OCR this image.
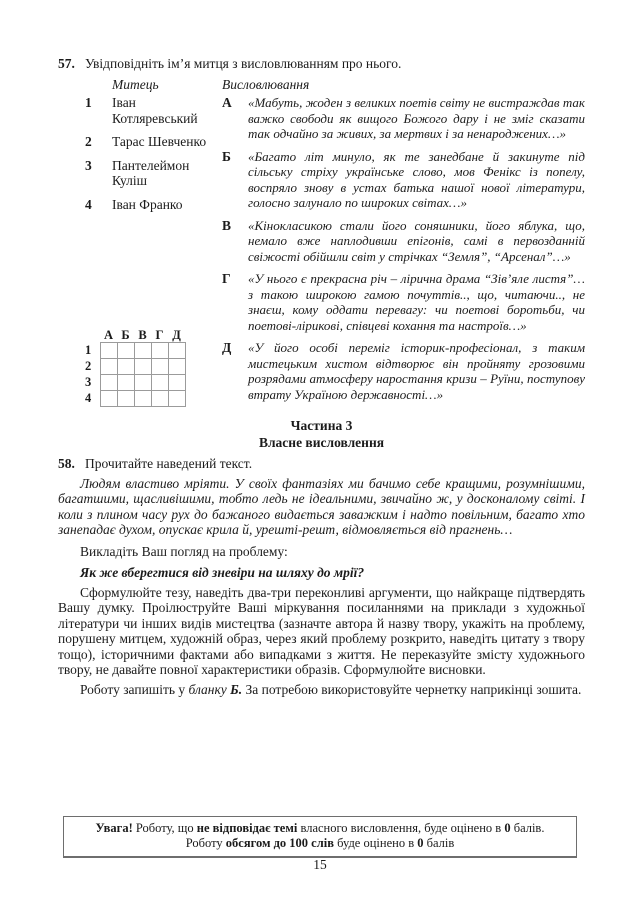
57. Увідповідніть ім’я митця з висловлюванням про нього.
Митець
1	Іван Котляревський
2	Тарас Шевченко
3	Пантелеймон Куліш
4	Іван Франко
А Б В Г Д
1
2
3
4

Висловлювання
А	«Мабуть, жоден з великих поетів світу не вистраждав так важко свободи як вищого Божого дару і не зміг сказати так одчайно за живих, за мертвих і за ненароджених…»
Б	«Багато літ минуло, як те занедбане й закинуте під сільську стріху українське слово, мов Фенікс із попелу, воспряло знову в устах батька нашої нової літератури, голосно залунало по широких світах…»
В	«Кінокласикою стали його соняшники, його яблука, що, немало вже наплодивши епігонів, самі в первозданній свіжості обійшли світ у стрічках “Земля”, “Арсенал”…»
Г	«У нього є прекрасна річ – лірична драма “Зів’яле листя”… з такою широкою гамою почуттів.., що, читаючи.., не знаєш, кому оддати перевагу: чи поетові боротьби, чи поетові-лірикові, співцеві кохання та настроїв…»
Д	«У його особі переміг історик-професіонал, з таким мистецьким хистом відтворює він пройняту грозовими розрядами атмосферу наростання кризи – Руїни, поступову втрату Україною державності…»
Частина 3
Власне висловлення
58. Прочитайте наведений текст.

Людям властиво мріяти. У своїх фантазіях ми бачимо себе кращими, розумнішими, багатшими, щасливішими, тобто ледь не ідеальними, звичайно ж, у досконалому світі. І коли з плином часу рух до бажаного видається заважким і надто повільним, багато хто занепадає духом, опускає крила й, урешті-решт, відмовляється від прагнень…

Викладіть Ваш погляд на проблему:

Як же вберегтися від зневіри на шляху до мрії?

Сформулюйте тезу, наведіть два-три переконливі аргументи, що найкраще підтвердять Вашу думку. Проілюструйте Ваші міркування посиланнями на приклади з художньої літератури чи інших видів мистецтва (зазначте автора й назву твору, укажіть на проблему, порушену митцем, художній образ, через який проблему розкрито, наведіть цитату з твору тощо), історичними фактами або випадками з життя. Не переказуйте змісту художнього твору, не давайте повної характеристики образів. Сформулюйте висновки.

Роботу запишіть у бланку Б. За потребою використовуйте чернетку наприкінці зошита.

Увага! Роботу, що не відповідає темі власного висловлення, буде оцінено в 0 балів.
Роботу обсягом до 100 слів буде оцінено в 0 балів
15
